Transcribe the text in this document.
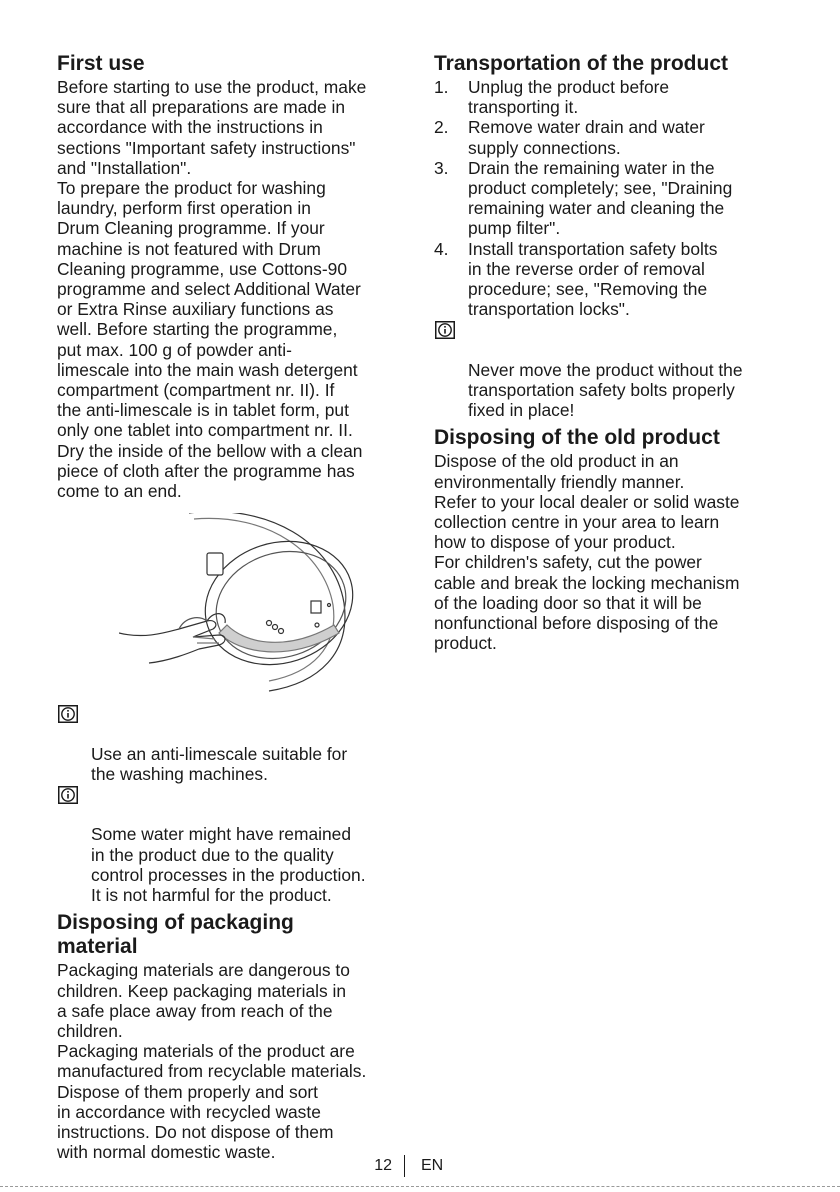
First use

Before starting to use the product, make
sure that all preparations are made in
accordance with the instructions in
sections "Important safety instructions"
and "Installation".

To prepare the product for washing
laundry, perform first operation in
Drum Cleaning programme. If your
machine is not featured with Drum
Cleaning programme, use Cottons-90
programme and select Additional Water
or Extra Rinse auxiliary functions as
well. Before starting the programme,
put max. 100 g of powder anti-
limescale into the main wash detergent
compartment (compartment nr. II). If
the anti-limescale is in tablet form, put
only one tablet into compartment nr. II.
Dry the inside of the bellow with a clean
piece of cloth after the programme has
come to an end.

Use an anti-limescale suitable for
the washing machines.

Some water might have remained
in the product due to the quality
control processes in the production.
It is not harmful for the product.

Disposing of packaging
material

Packaging materials are dangerous to
children. Keep packaging materials in
a safe place away from reach of the
children.

Packaging materials of the product are
manufactured from recyclable materials.
Dispose of them properly and sort
in accordance with recycled waste
instructions. Do not dispose of them
with normal domestic waste.

Transportation of the product
1. Unplug the product before
transporting it.
2. Remove water drain and water
supply connections.
3. Drain the remaining water in the
product completely; see, "Draining
remaining water and cleaning the
pump filter".
4. Install transportation safety bolts
in the reverse order of removal
procedure; see, "Removing the
transportation locks".

Never move the product without the
transportation safety bolts properly
fixed in place!

Disposing of the old product

Dispose of the old product in an
environmentally friendly manner.

Refer to your local dealer or solid waste
collection centre in your area to learn
how to dispose of your product.

For children's safety, cut the power
cable and break the locking mechanism
of the loading door so that it will be
nonfunctional before disposing of the
product.

12 EN
